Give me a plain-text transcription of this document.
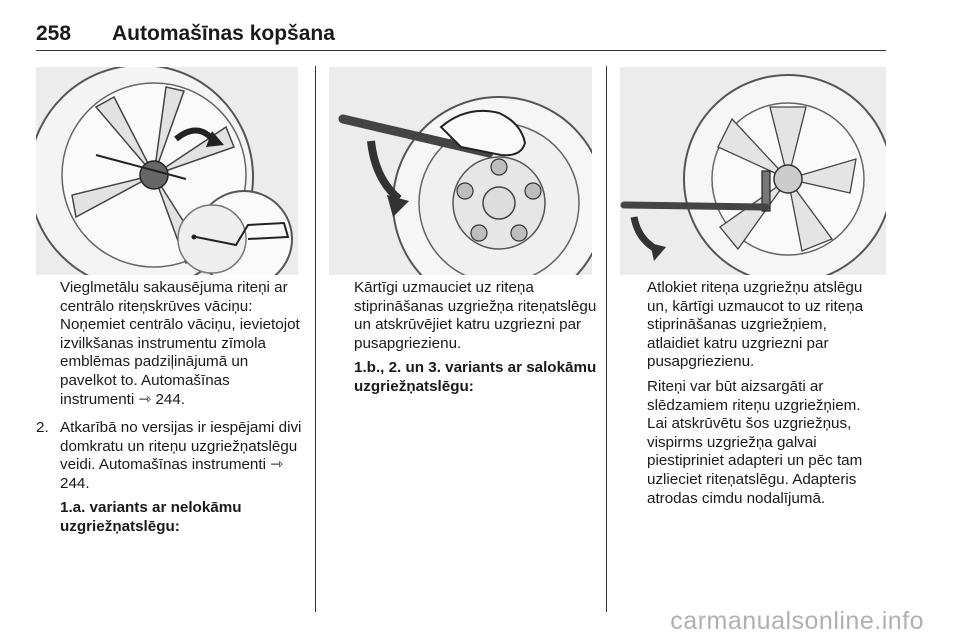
258 Automašīnas kopšana

Vieglmetālu sakausējuma riteņi ar centrālo riteņskrūves vāciņu: Noņemiet centrālo vāciņu, ievietojot izvilkšanas instrumentu zīmola emblēmas padziļinājumā un pavelkot to. Automašīnas instrumenti ⇾ 244.

2. Atkarībā no versijas ir iespējami divi domkratu un riteņu uzgriežņatslēgu veidi. Automašīnas instrumenti ⇾ 244.

1.a. variants ar nelokāmu uzgriežņatslēgu:

Kārtīgi uzmauciet uz riteņa stiprināšanas uzgriežņa riteņatslēgu un atskrūvējiet katru uzgriezni par pusapgriezienu.

1.b., 2. un 3. variants ar salokāmu uzgriežņatslēgu:

Atlokiet riteņa uzgriežņu atslēgu un, kārtīgi uzmaucot to uz riteņa stiprināšanas uzgriežņiem, atlaidiet katru uzgriezni par pusapgriezienu.

Riteņi var būt aizsargāti ar slēdzamiem riteņu uzgriežņiem. Lai atskrūvētu šos uzgriežņus, vispirms uzgriežņa galvai piestipriniet adapteri un pēc tam uzlieciet riteņatslēgu. Adapteris atrodas cimdu nodalījumā.

carmanualsonline.info
